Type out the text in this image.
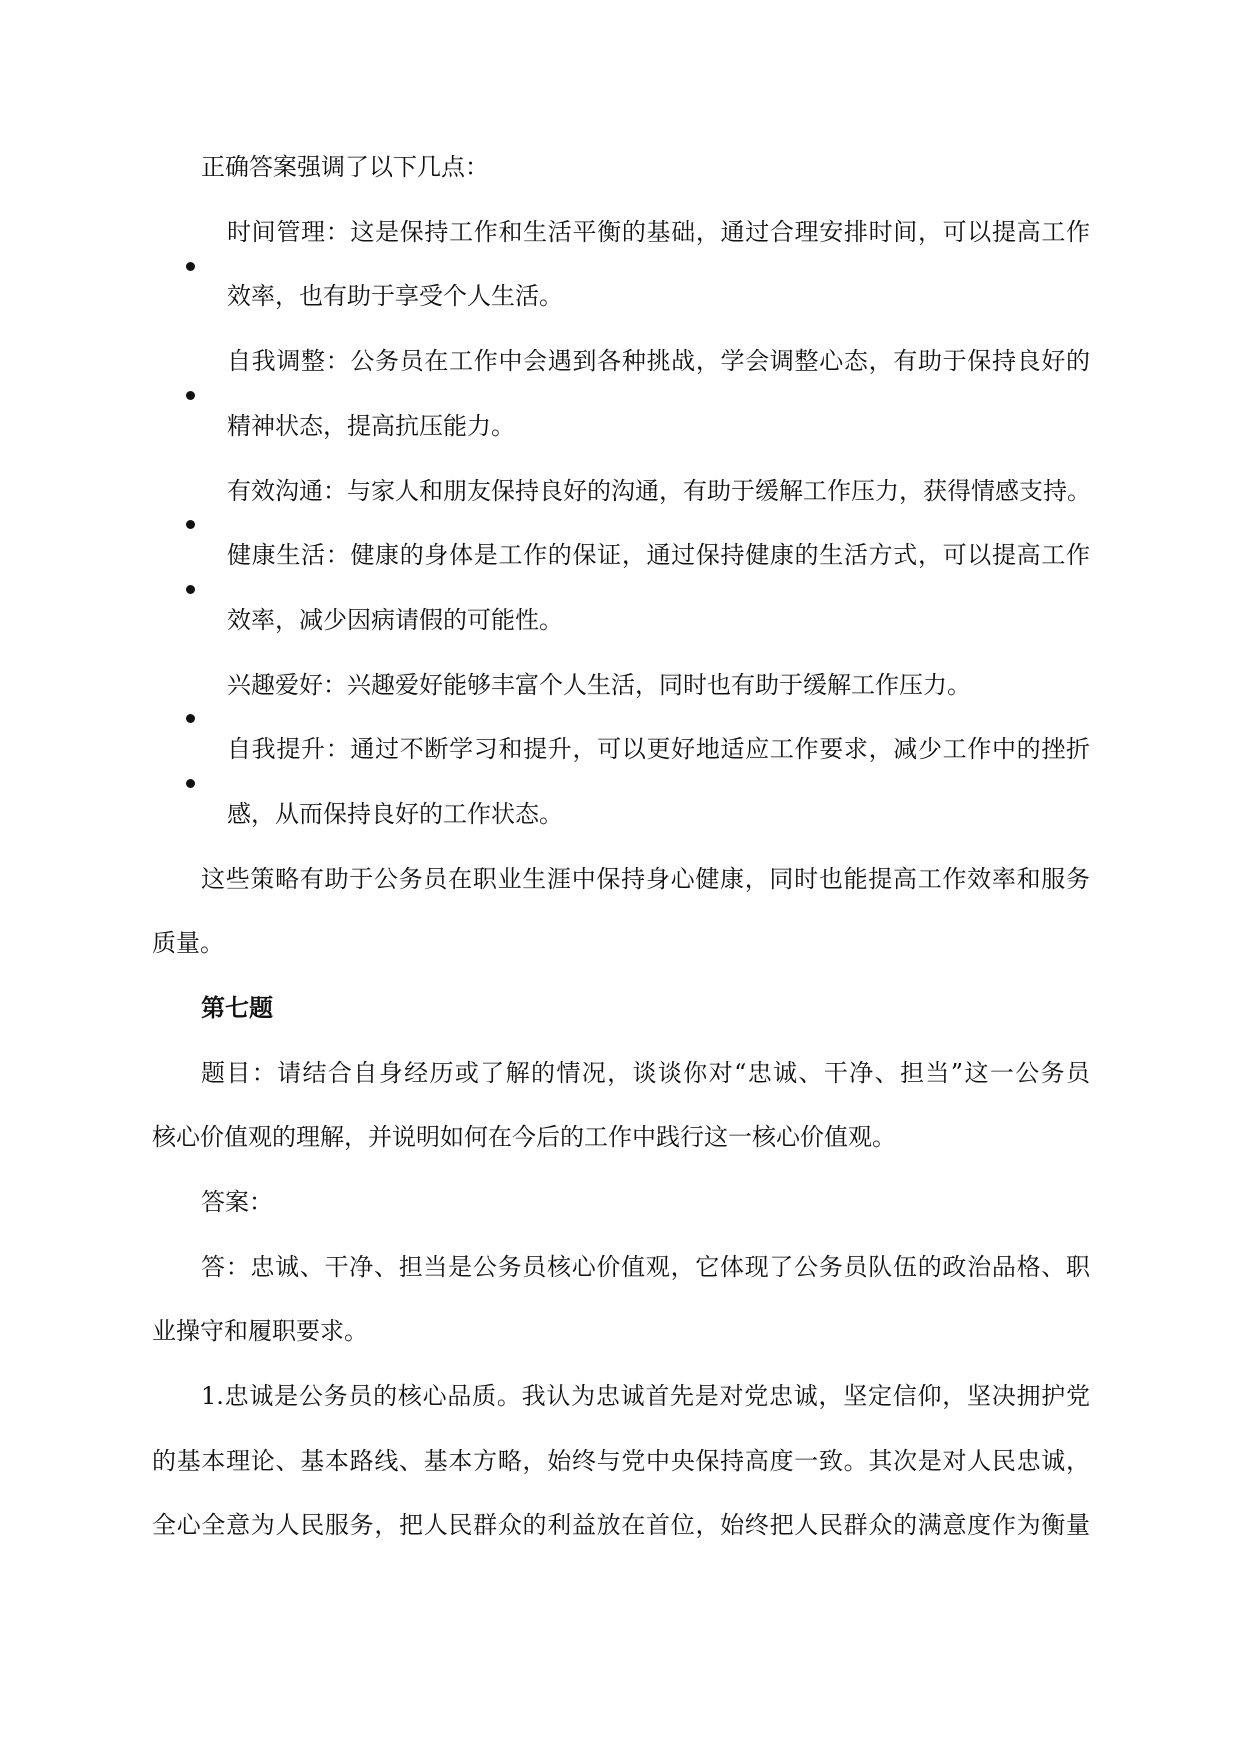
正确答案强调了以下几点：
时间管理：这是保持工作和生活平衡的基础，通过合理安排时间，可以提高工作
效率，也有助于享受个人生活。
自我调整：公务员在工作中会遇到各种挑战，学会调整心态，有助于保持良好的
精神状态，提高抗压能力。
有效沟通：与家人和朋友保持良好的沟通，有助于缓解工作压力，获得情感支持。
健康生活：健康的身体是工作的保证，通过保持健康的生活方式，可以提高工作
效率，减少因病请假的可能性。
兴趣爱好：兴趣爱好能够丰富个人生活，同时也有助于缓解工作压力。
自我提升：通过不断学习和提升，可以更好地适应工作要求，减少工作中的挫折
感，从而保持良好的工作状态。
这些策略有助于公务员在职业生涯中保持身心健康，同时也能提高工作效率和服务
质量。
第七题
题目：请结合自身经历或了解的情况，谈谈你对“忠诚、干净、担当”这一公务员
核心价值观的理解，并说明如何在今后的工作中践行这一核心价值观。
答案：
答：忠诚、干净、担当是公务员核心价值观，它体现了公务员队伍的政治品格、职
业操守和履职要求。
1.忠诚是公务员的核心品质。我认为忠诚首先是对党忠诚，坚定信仰，坚决拥护党
的基本理论、基本路线、基本方略，始终与党中央保持高度一致。其次是对人民忠诚，
全心全意为人民服务，把人民群众的利益放在首位，始终把人民群众的满意度作为衡量
